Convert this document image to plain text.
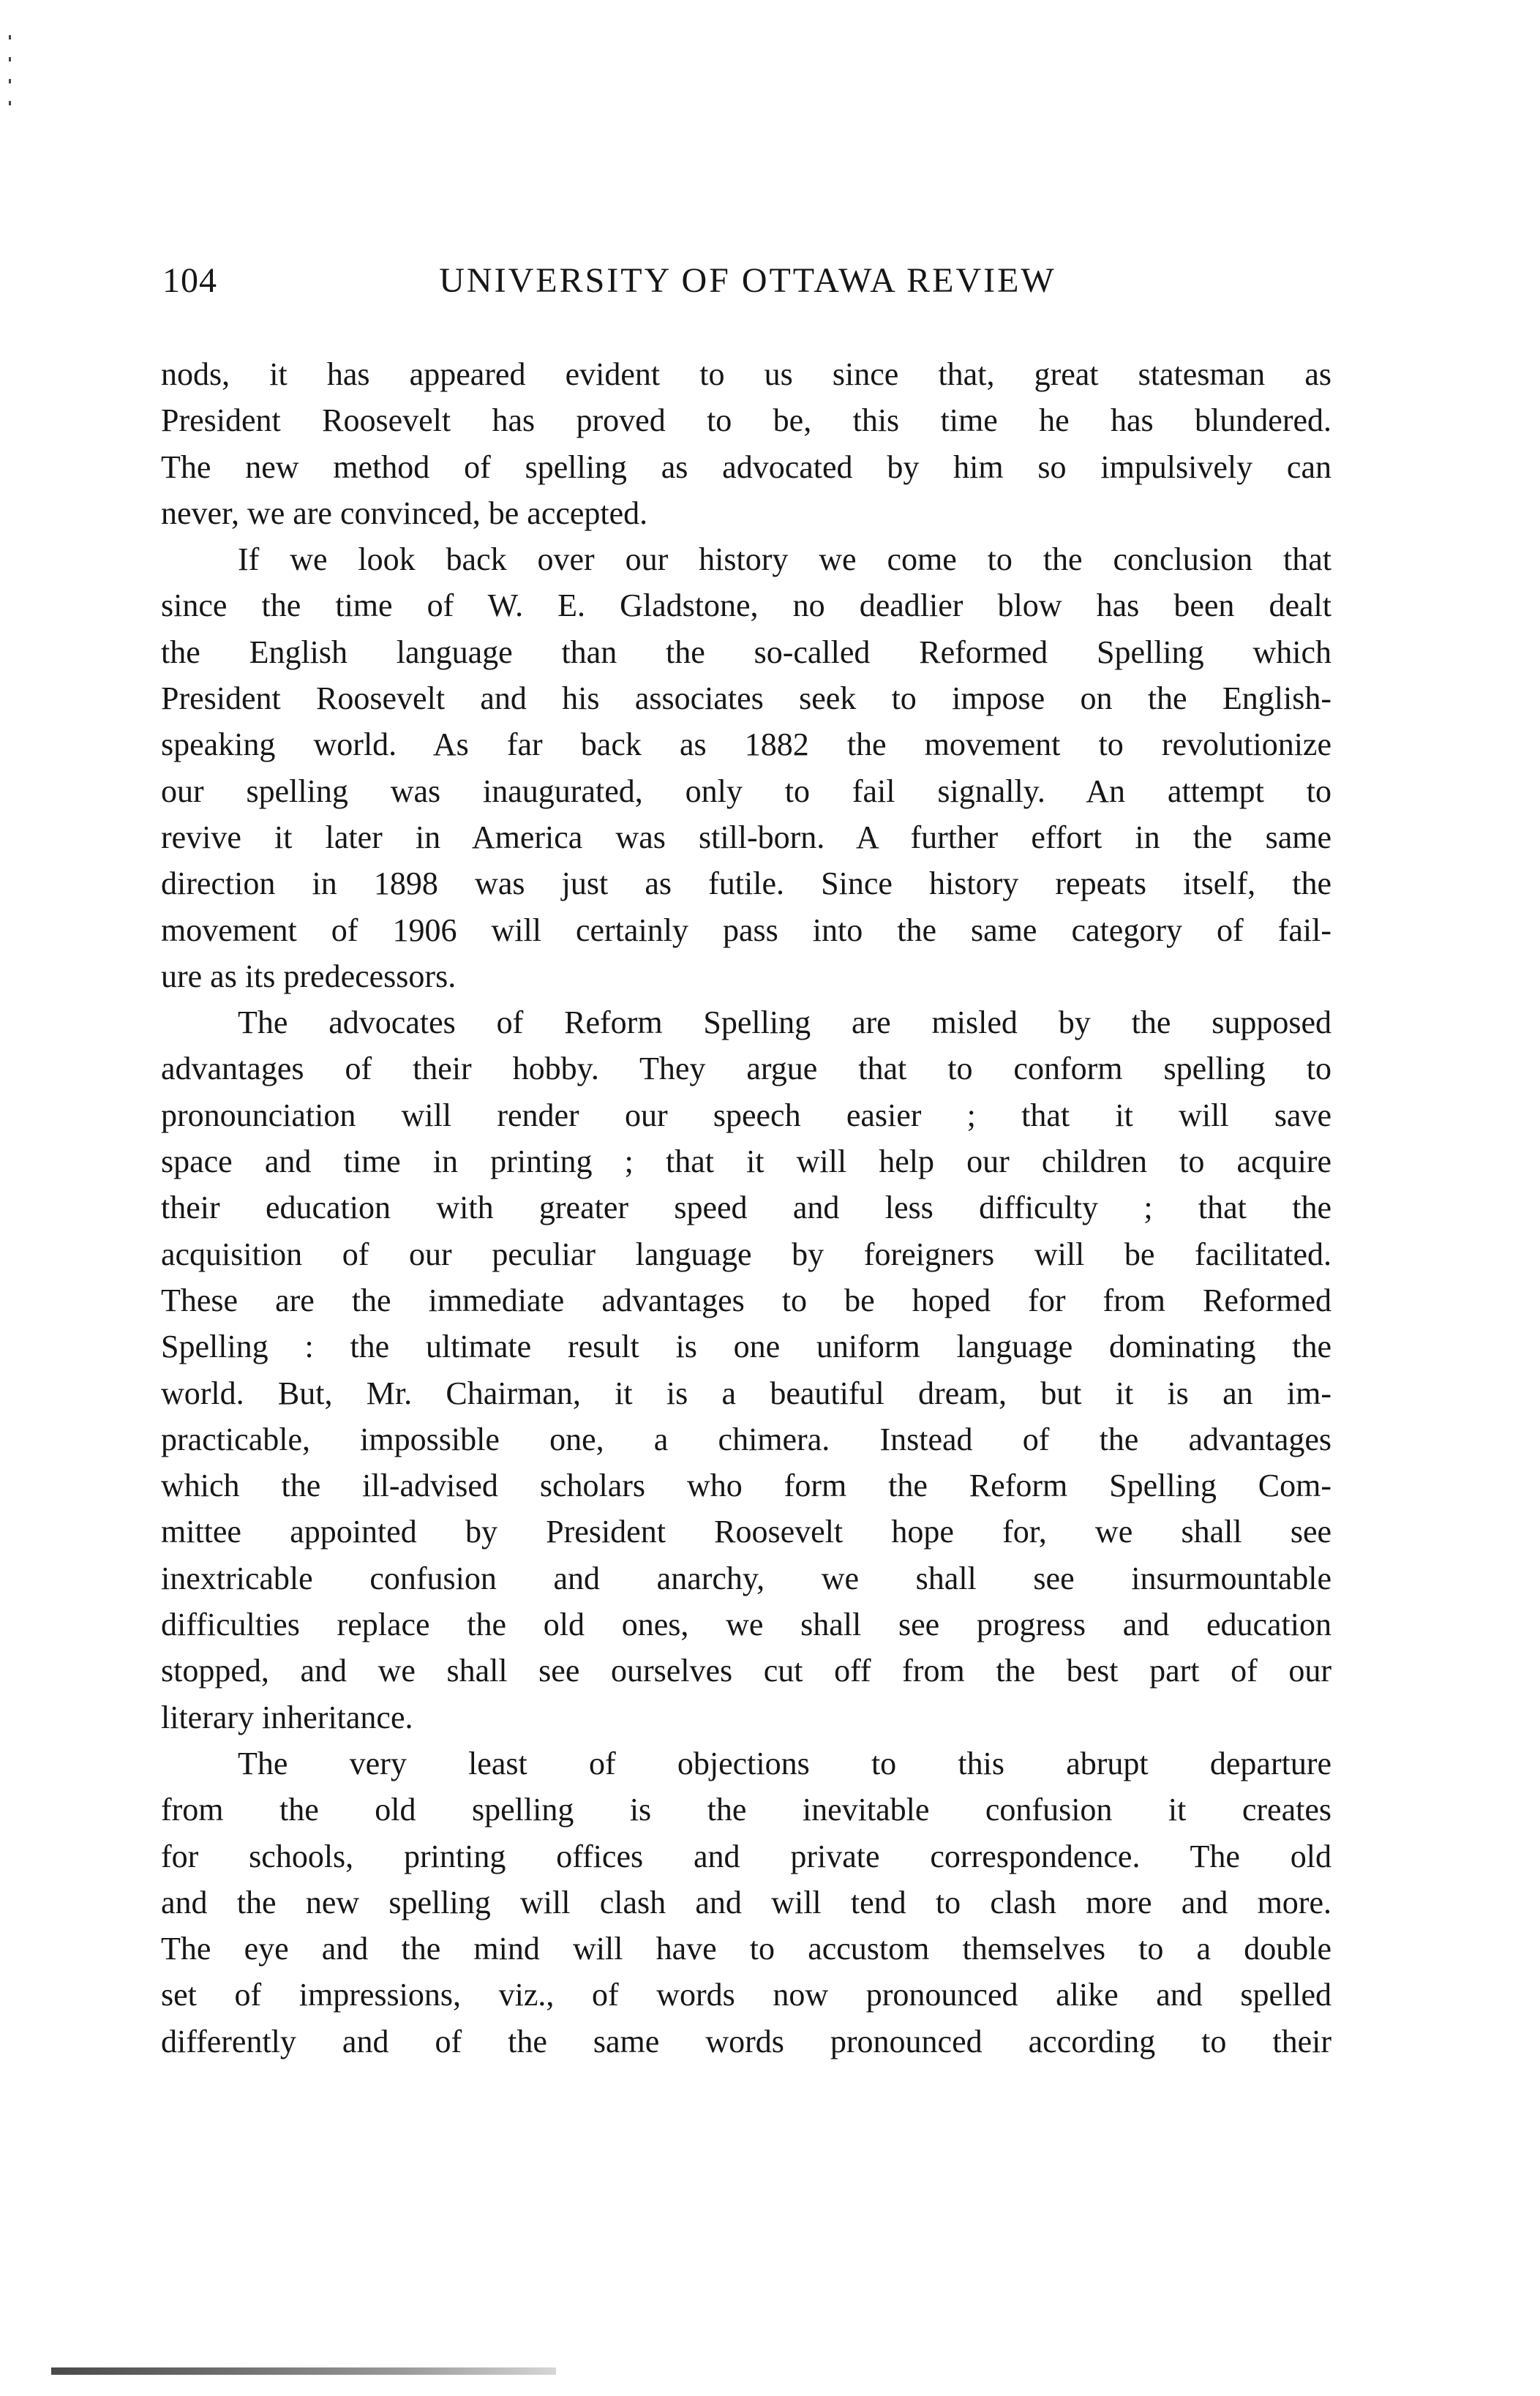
104	UNIVERSITY OF OTTAWA REVIEW
nods, it has appeared evident to us since that, great statesman as
President Roosevelt has proved to be, this time he has blundered.
The new method of spelling as advocated by him so impulsively can
never, we are convinced, be accepted.
If we look back over our history we come to the conclusion that
since the time of W. E. Gladstone, no deadlier blow has been dealt
the English language than the so-called Reformed Spelling which
President Roosevelt and his associates seek to impose on the English-
speaking world. As far back as 1882 the movement to revolutionize
our spelling was inaugurated, only to fail signally. An attempt to
revive it later in America was still-born. A further effort in the same
direction in 1898 was just as futile. Since history repeats itself, the
movement of 1906 will certainly pass into the same category of fail-
ure as its predecessors.
The advocates of Reform Spelling are misled by the supposed
advantages of their hobby. They argue that to conform spelling to
pronounciation will render our speech easier ; that it will save
space and time in printing ; that it will help our children to acquire
their education with greater speed and less difficulty ; that the
acquisition of our peculiar language by foreigners will be facilitated.
These are the immediate advantages to be hoped for from Reformed
Spelling : the ultimate result is one uniform language dominating the
world. But, Mr. Chairman, it is a beautiful dream, but it is an im-
practicable, impossible one, a chimera. Instead of the advantages
which the ill-advised scholars who form the Reform Spelling Com-
mittee appointed by President Roosevelt hope for, we shall see
inextricable confusion and anarchy, we shall see insurmountable
difficulties replace the old ones, we shall see progress and education
stopped, and we shall see ourselves cut off from the best part of our
literary inheritance.
The very least of objections to this abrupt departure
from the old spelling is the inevitable confusion it creates
for schools, printing offices and private correspondence. The old
and the new spelling will clash and will tend to clash more and more.
The eye and the mind will have to accustom themselves to a double
set of impressions, viz., of words now pronounced alike and spelled
differently and of the same words pronounced according to their
